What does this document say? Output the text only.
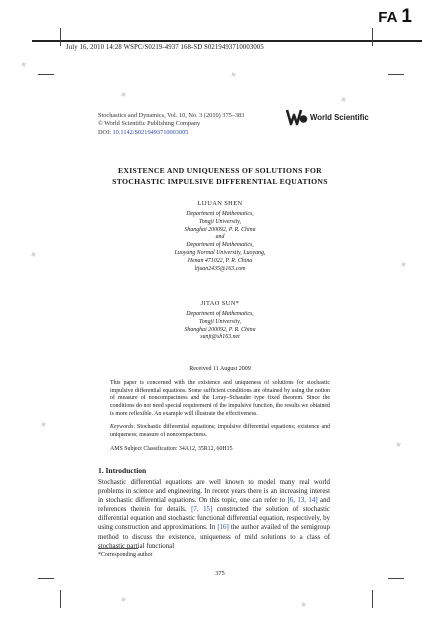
FA 1
July 16, 2010 14:28 WSPC/S0219-4937 168-SD S0219493710003005
Stochastics and Dynamics, Vol. 10, No. 3 (2010) 375–383
© World Scientific Publishing Company
DOI: 10.1142/S0219493710003005
World Scientific
EXISTENCE AND UNIQUENESS OF SOLUTIONS FOR
STOCHASTIC IMPULSIVE DIFFERENTIAL EQUATIONS
LIJUAN SHEN
Department of Mathematics,
Tongji University,
Shanghai 200092, P. R. China
and
Department of Mathematics,
Luoyang Normal University, Luoyang,
Henan 471022, P. R. China
lijuan2435@163.com
JITAO SUN*
Department of Mathematics,
Tongji University,
Shanghai 200092, P. R. China
sunjt@sh163.net
Received 11 August 2009
This paper is concerned with the existence and uniqueness of solutions for stochastic impulsive differential equations. Some sufficient conditions are obtained by using the notion of measure of noncompactness and the Leray–Schauder type fixed theorem. Since the conditions do not need special requirement of the impulsive function, the results we obtained is more reflexible. An example will illustrate the effectiveness.
Keywords: Stochastic differential equations; impulsive differential equations; existence and uniqueness; measure of noncompactness.
AMS Subject Classification: 34A12, 35R12, 60H15
1. Introduction
Stochastic differential equations are well known to model many real world problems in science and engineering. In recent years there is an increasing interest in stochastic differential equations. On this topic, one can refer to [6, 13, 14] and references therein for details. [7, 15] constructed the solution of stochastic differential equation and stochastic functional differential equation, respectively, by using construction and approximations. In [16] the author availed of the semigroup method to discuss the existence, uniqueness of mild solutions to a class of stochastic partial functional
*Corresponding author
375
✦
✦
✦
✦
✦
✦
✦
✦
✦	✦
